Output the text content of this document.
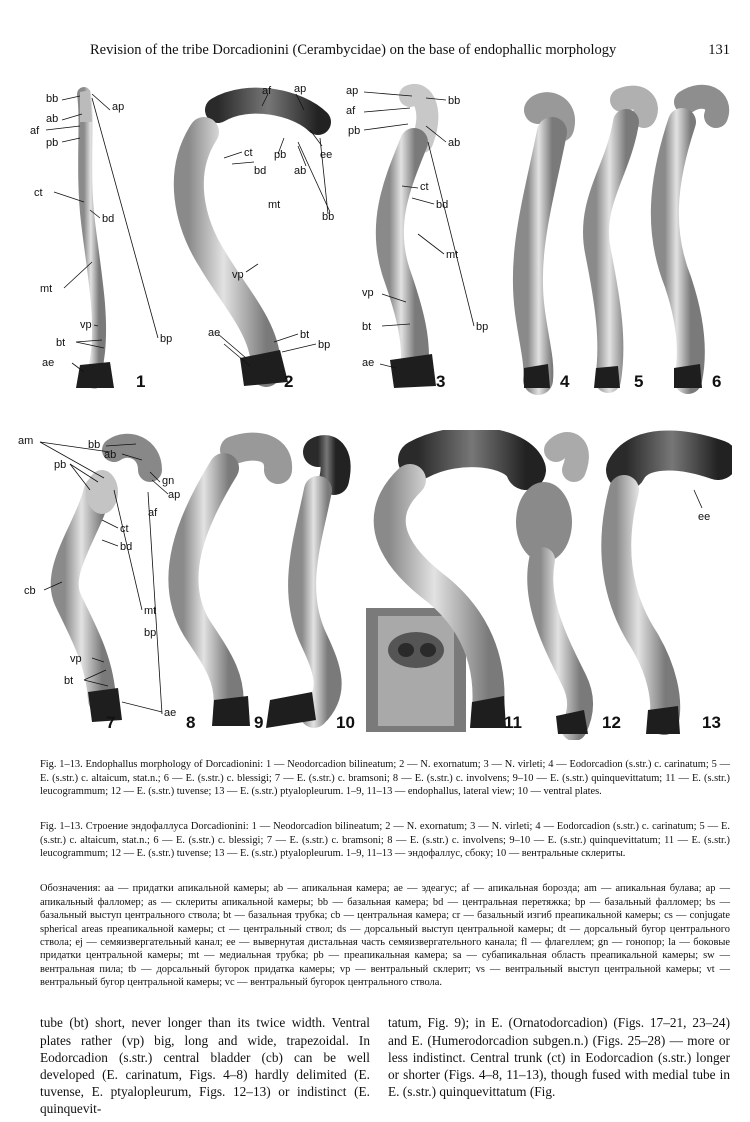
Revision of the tribe Dorcadionini (Cerambycidae) on the base of endophallic morphology	131
bb
ap
ab
af
pb
ct
bd
mt
vp
bt
ae
bp
af ap
ct pb	ee
bd	ab
bb
mt
vp
ae	bt
bp
ap
bb
af
pb
ab
ct
bd
mt
vp
bt
ae
bp
1	2	3	4	5	6
am	bb
ab
pb
gn
ap
af
ct
bd
cb
mt
bp
vp
bt
ae
ee
7	8	9	10	11	12	13

Fig. 1–13. Endophallus morphology of Dorcadionini: 1 — Neodorcadion bilineatum; 2 — N. exornatum; 3 — N. virleti; 4 — Eodorcadion (s.str.) c. carinatum; 5 — E. (s.str.) c. altaicum, stat.n.; 6 — E. (s.str.) c. blessigi; 7 — E. (s.str.) c. bramsoni; 8 — E. (s.str.) c. involvens; 9–10 — E. (s.str.) quinquevittatum; 11 — E. (s.str.) leucogrammum; 12 — E. (s.str.) tuvense; 13 — E. (s.str.) ptyalopleurum. 1–9, 11–13 — endophallus, lateral view; 10 — ventral plates.

Fig. 1–13. Строение эндофаллуса Dorcadionini: 1 — Neodorcadion bilineatum; 2 — N. exornatum; 3 — N. virleti; 4 — Eodorcadion (s.str.) c. carinatum; 5 — E. (s.str.) c. altaicum, stat.n.; 6 — E. (s.str.) c. blessigi; 7 — E. (s.str.) c. bramsoni; 8 — E. (s.str.) c. involvens; 9–10 — E. (s.str.) quinquevittatum; 11 — E. (s.str.) leucogrammum; 12 — E. (s.str.) tuvense; 13 — E. (s.str.) ptyalopleurum. 1–9, 11–13 — эндофаллус, сбоку; 10 — вентральные склериты.

Обозначения: aa — придатки апикальной камеры; ab — апикальная камера; ae — эдеагус; af — апикальная борозда; am — апикальная булава; ap — апикальный фалломер; as — склериты апикальной камеры; bb — базальная камера; bd — центральная перетяжка; bp — базальный фалломер; bs — базальный выступ центрального ствола; bt — базальная трубка; cb — центральная камера; cr — базальный изгиб преапикальной камеры; cs — conjugate spherical areas преапикальной камеры; ct — центральный ствол; ds — дорсальный выступ центральной камеры; dt — дорсальный бугор центрального ствола; ej — семяизвергательный канал; ee — вывернутая дистальная часть семяизвергательного канала; fl — флагеллем; gn — гонопор; la — боковые придатки центральной камеры; mt — медиальная трубка; pb — преапикальная камера; sa — субапикальная область преапикальной камеры; sw — вентральная пила; tb — дорсальный бугорок придатка камеры; vp — вентральный склерит; vs — вентральный выступ центральной камеры; vt — вентральный бугор центральной камеры; vc — вентральный бугорок центрального ствола.

tube (bt) short, never longer than its twice width. Ventral plates rather (vp) big, long and wide, trapezoidal. In Eodorcadion (s.str.) central bladder (cb) can be well developed (E. carinatum, Figs. 4–8) hardly delimited (E. tuvense, E. ptyalopleurum, Figs. 12–13) or indistinct (E. quinquevit-

tatum, Fig. 9); in E. (Ornatodorcadion) (Figs. 17–21, 23–24) and E. (Humerodorcadion subgen.n.) (Figs. 25–28) — more or less indistinct. Central trunk (ct) in Eodorcadion (s.str.) longer or shorter (Figs. 4–8, 11–13), though fused with medial tube in E. (s.str.) quinquevittatum (Fig.
